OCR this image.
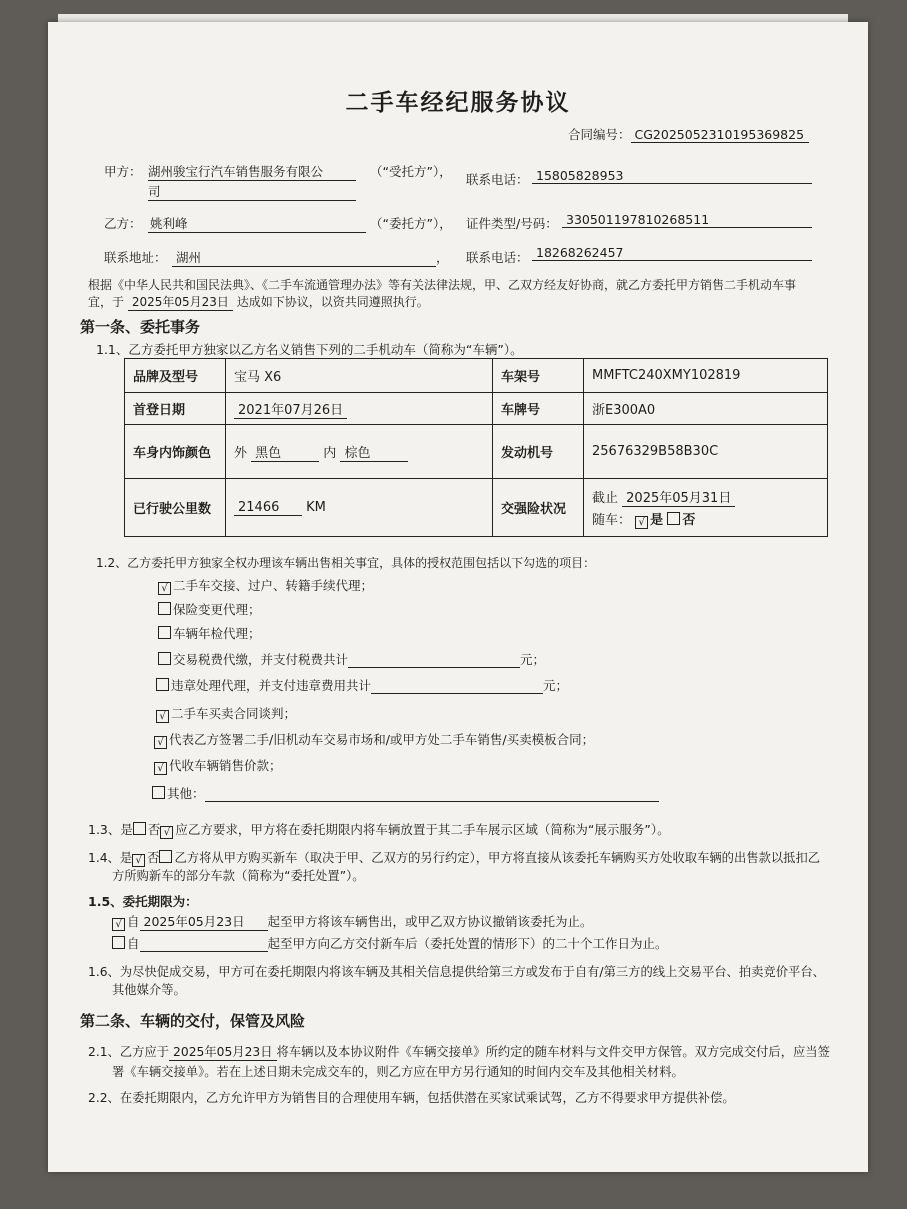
二手车经纪服务协议
合同编号： CG2025052310195369825
甲方： 湖州骏宝行汽车销售服务有限公
司
（“受托方”），
联系电话： 15805828953
乙方： 姚利峰	（“委托方”）， 证件类型/号码： 330501197810268511
联系地址： 湖州	， 联系电话： 18268262457
根据《中华人民共和国民法典》、《二手车流通管理办法》等有关法律法规，甲、乙双方经友好协商，就乙方委托甲方销售二手机动车事
宜，于 2025年05月23日 达成如下协议，以资共同遵照执行。
第一条、委托事务
1.1、乙方委托甲方独家以乙方名义销售下列的二手机动车（简称为“车辆”）。
品牌及型号	宝马 X6	车架号	MMFTC240XMY102819
首登日期	2021年07月26日	车牌号	浙E300A0
车身内饰颜色	外 黑色 内 棕色	发动机号	25676329B58B30C
已行驶公里数	21466 KM	交强险状况	截止 2025年05月31日
随车： √ 是 否
1.2、乙方委托甲方独家全权办理该车辆出售相关事宜，具体的授权范围包括以下勾选的项目：
√ 二手车交接、过户、转籍手续代理；
保险变更代理；
车辆年检代理；
交易税费代缴，并支付税费共计	元；
违章处理代理，并支付违章费用共计	元；
√ 二手车买卖合同谈判；
√ 代表乙方签署二手/旧机动车交易市场和/或甲方处二手车销售/买卖模板合同；
√ 代收车辆销售价款；
其他：
1.3、是 否 √ 应乙方要求，甲方将在委托期限内将车辆放置于其二手车展示区域（简称为“展示服务”）。
1.4、是 √ 否 乙方将从甲方购买新车（取决于甲、乙双方的另行约定），甲方将直接从该委托车辆购买方处收取车辆的出售款以抵扣乙
方所购新车的部分车款（简称为“委托处置”）。
1.5、委托期限为：
√ 自 2025年05月23日 起至甲方将该车辆售出，或甲乙双方协议撤销该委托为止。
自	起至甲方向乙方交付新车后（委托处置的情形下）的二十个工作日为止。
1.6、为尽快促成交易，甲方可在委托期限内将该车辆及其相关信息提供给第三方或发布于自有/第三方的线上交易平台、拍卖竞价平台、
其他媒介等。
第二条、车辆的交付，保管及风险
2.1、乙方应于 2025年05月23日 将车辆以及本协议附件《车辆交接单》所约定的随车材料与文件交甲方保管。双方完成交付后，应当签
署《车辆交接单》。若在上述日期未完成交车的，则乙方应在甲方另行通知的时间内交车及其他相关材料。
2.2、在委托期限内，乙方允许甲方为销售目的合理使用车辆，包括供潜在买家试乘试驾，乙方不得要求甲方提供补偿。
